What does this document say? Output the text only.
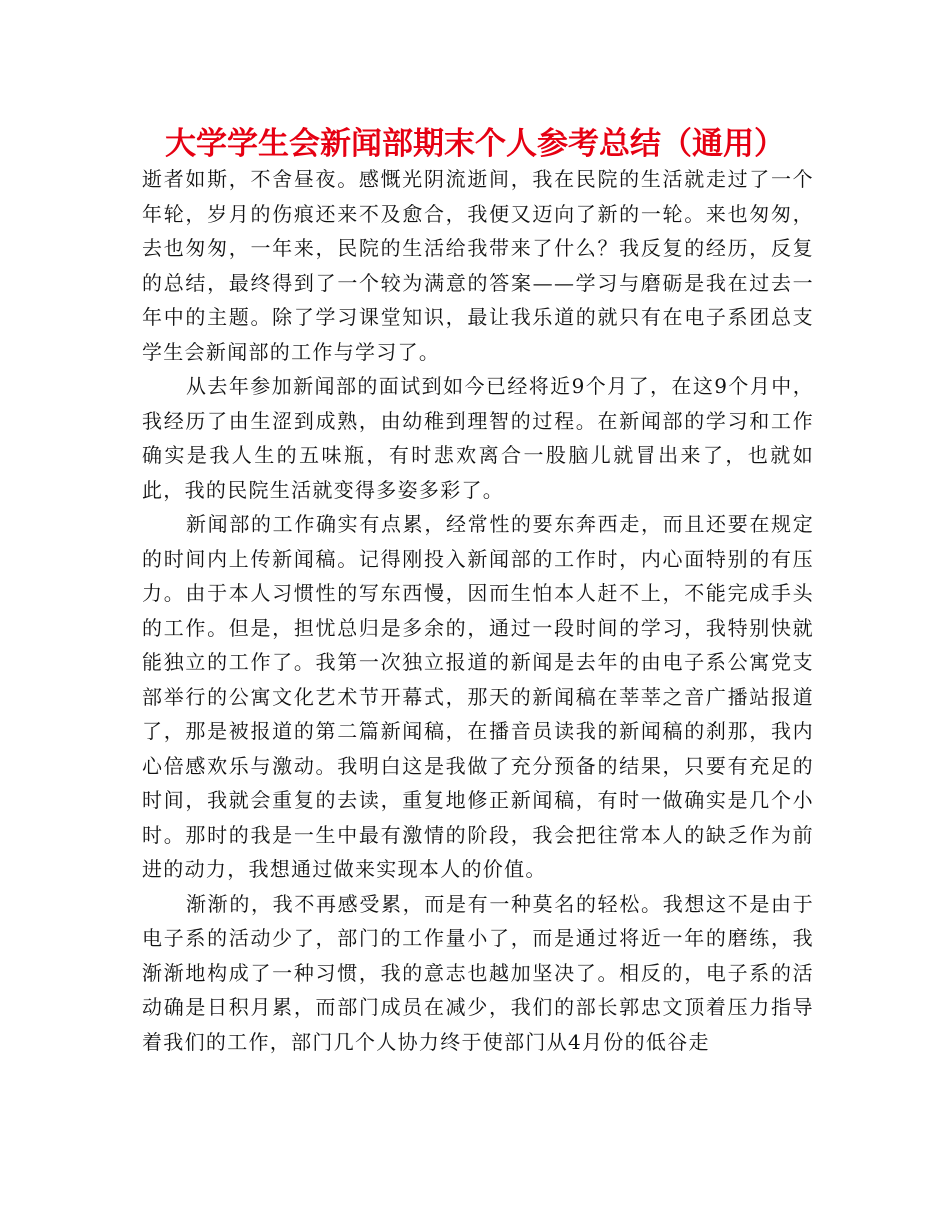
大学学生会新闻部期末个人参考总结（通用）

逝者如斯，不舍昼夜。感慨光阴流逝间，我在民院的生活就走过了一个年轮，岁月的伤痕还来不及愈合，我便又迈向了新的一轮。来也匆匆，去也匆匆，一年来，民院的生活给我带来了什么？我反复的经历，反复的总结，最终得到了一个较为满意的答案——学习与磨砺是我在过去一年中的主题。除了学习课堂知识，最让我乐道的就只有在电子系团总支学生会新闻部的工作与学习了。

从去年参加新闻部的面试到如今已经将近9个月了，在这9个月中，我经历了由生涩到成熟，由幼稚到理智的过程。在新闻部的学习和工作确实是我人生的五味瓶，有时悲欢离合一股脑儿就冒出来了，也就如此，我的民院生活就变得多姿多彩了。

新闻部的工作确实有点累，经常性的要东奔西走，而且还要在规定的时间内上传新闻稿。记得刚投入新闻部的工作时，内心面特别的有压力。由于本人习惯性的写东西慢，因而生怕本人赶不上，不能完成手头的工作。但是，担忧总归是多余的，通过一段时间的学习，我特别快就能独立的工作了。我第一次独立报道的新闻是去年的由电子系公寓党支部举行的公寓文化艺术节开幕式，那天的新闻稿在莘莘之音广播站报道了，那是被报道的第二篇新闻稿，在播音员读我的新闻稿的刹那，我内心倍感欢乐与激动。我明白这是我做了充分预备的结果，只要有充足的时间，我就会重复的去读，重复地修正新闻稿，有时一做确实是几个小时。那时的我是一生中最有激情的阶段，我会把往常本人的缺乏作为前进的动力，我想通过做来实现本人的价值。

渐渐的，我不再感受累，而是有一种莫名的轻松。我想这不是由于电子系的活动少了，部门的工作量小了，而是通过将近一年的磨练，我渐渐地构成了一种习惯，我的意志也越加坚决了。相反的，电子系的活动确是日积月累，而部门成员在减少，我们的部长郭忠文顶着压力指导着我们的工作，部门几个人协力终于使部门从4月份的低谷走
